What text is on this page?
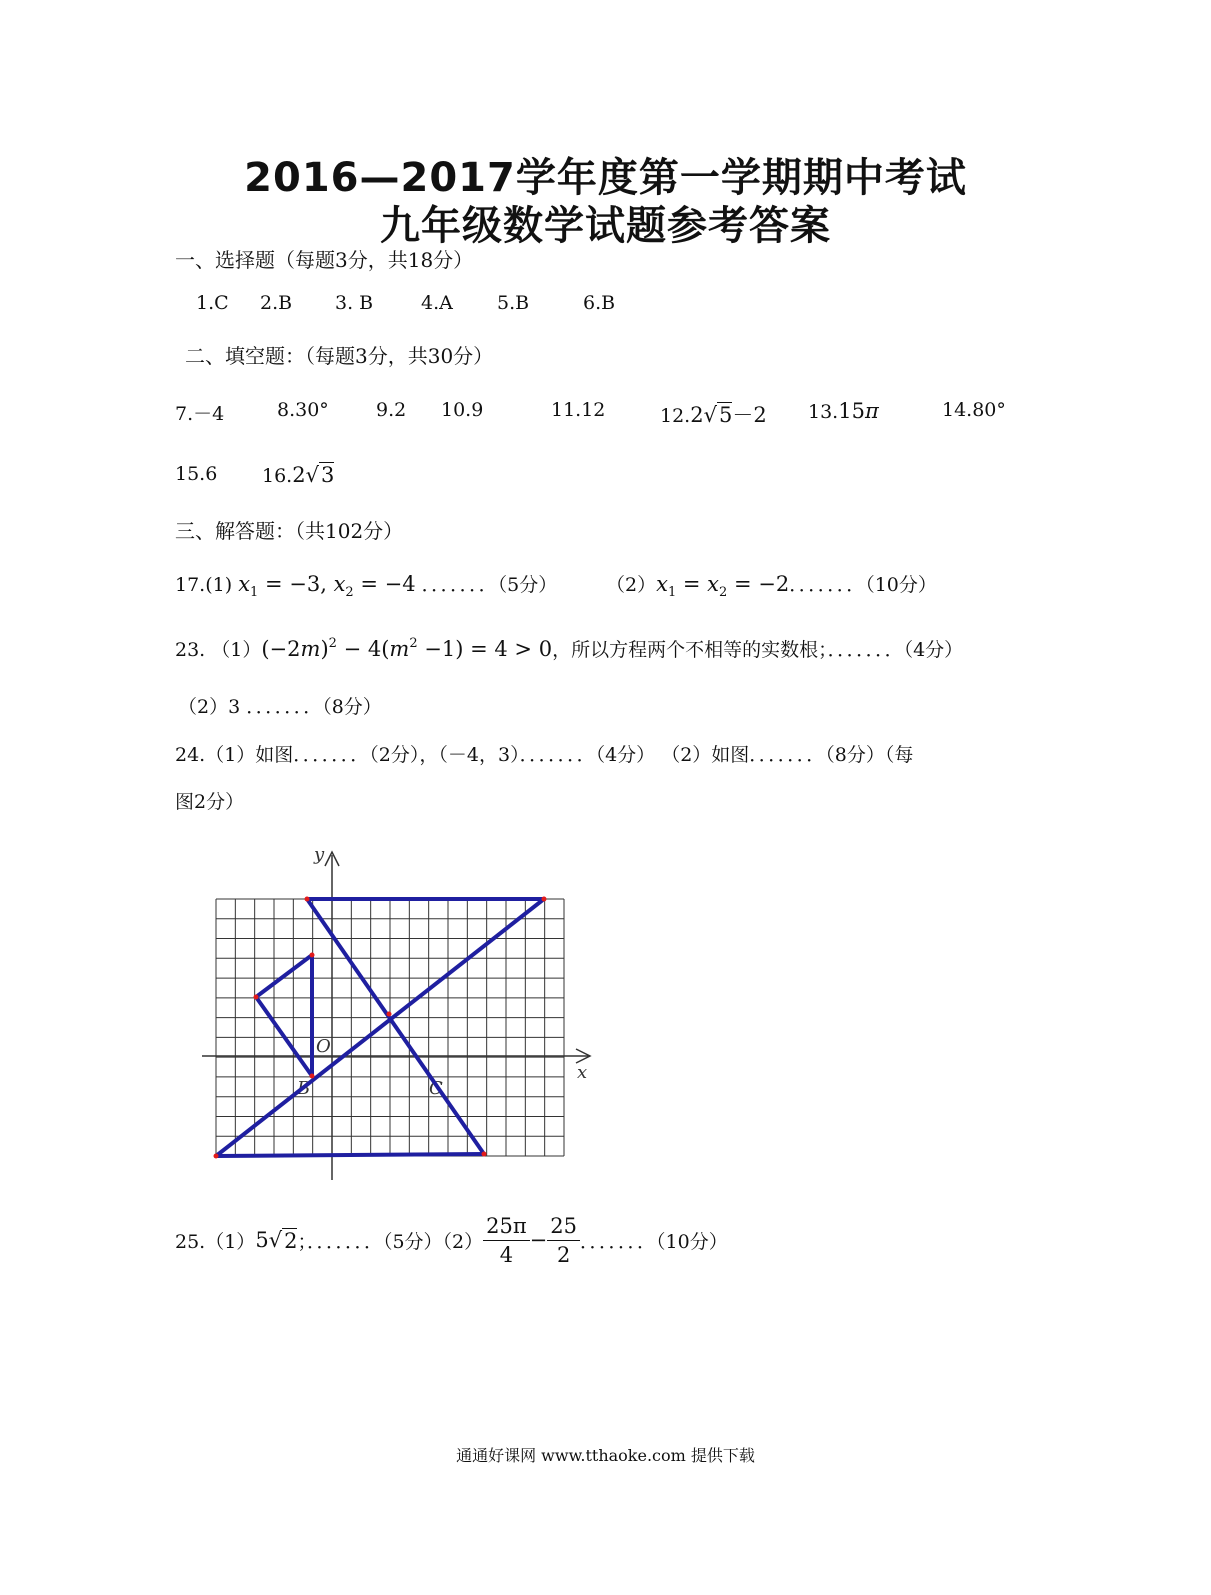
2016—2017学年度第一学期期中考试
九年级数学试题参考答案
一、选择题（每题3分，共18分）
1.C 2.B 3. B	4.A 5.B	6.B
二、填空题：（每题3分，共30分）
7.－4	8.30° 9.2 10.9	11.12	12.2√5－2 13.15π	14.80°
15.6 16.2√3
三、解答题：（共102分）
17.(1) $x_1 = -3$, $x_2 = -4$ ．．．．．．．（5分）	$(2)x_1 = x_2 = -2$．．．．．．．（10分）
23. $(1)(-2m)^2 - 4(m^2 -1) = 4 > 0$，所以方程两个不相等的实数根；．．．．．．．（4分）
（2）3 ．．．．．．．（8分）
24.（1）如图．．．．．．．（2分），（－4，3）．．．．．．．（4分） （2）如图．．．．．．．（8分）（每
图2分）
y
x
O
B	C
25.（1） 5 √ 2 ；．．．．．．．（5分）$(2) \frac{25\pi}{4} - \frac{25}{2}$ ．．．．．．．（10分）
通通好课网 www.tthaoke.com 提供下载
